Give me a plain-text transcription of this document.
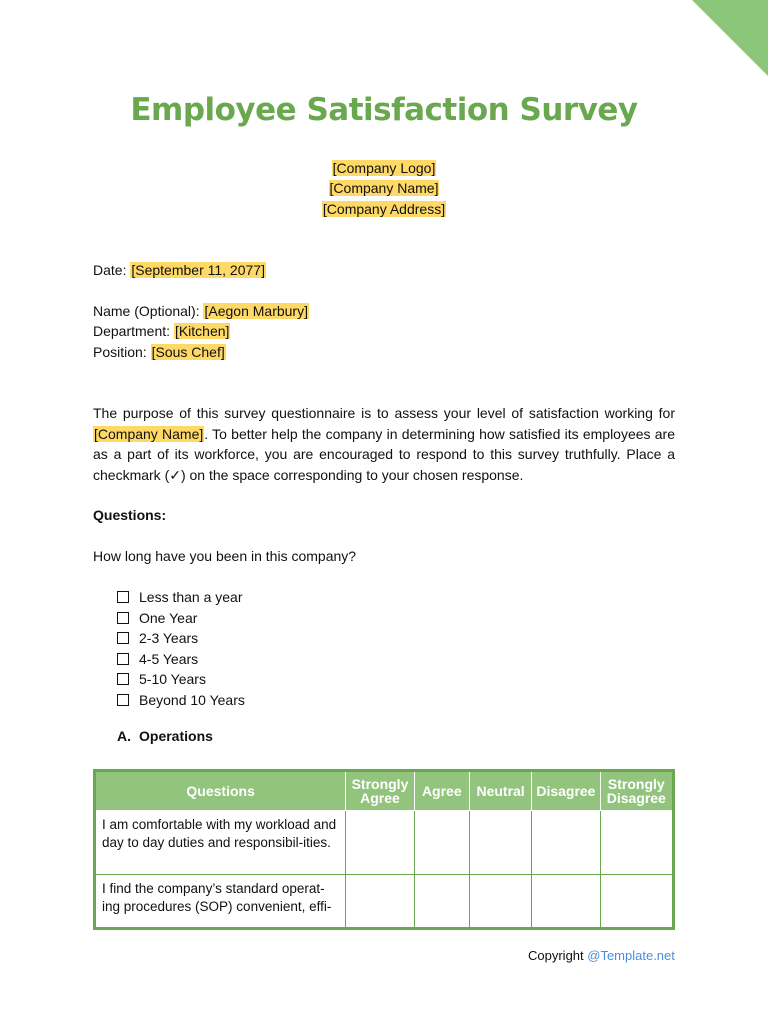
Employee Satisfaction Survey
[Company Logo]
[Company Name]
[Company Address]
Date: [September 11, 2077]
Name (Optional): [Aegon Marbury]
Department: [Kitchen]
Position: [Sous Chef]
The purpose of this survey questionnaire is to assess your level of satisfaction working for [Company Name]. To better help the company in determining how satisfied its employees are as a part of its workforce, you are encouraged to respond to this survey truthfully. Place a checkmark (✓) on the space corresponding to your chosen response.
Questions:
How long have you been in this company?
Less than a year
One Year
2-3 Years
4-5 Years
5-10 Years
Beyond 10 Years
A. Operations
Questions	Strongly Agree	Agree	Neutral	Disagree	Strongly Disagree
I am comfortable with my workload and day to day duties and responsibil-ities.					
I find the company’s standard operat-ing procedures (SOP) convenient, effi-					
Copyright @Template.net
